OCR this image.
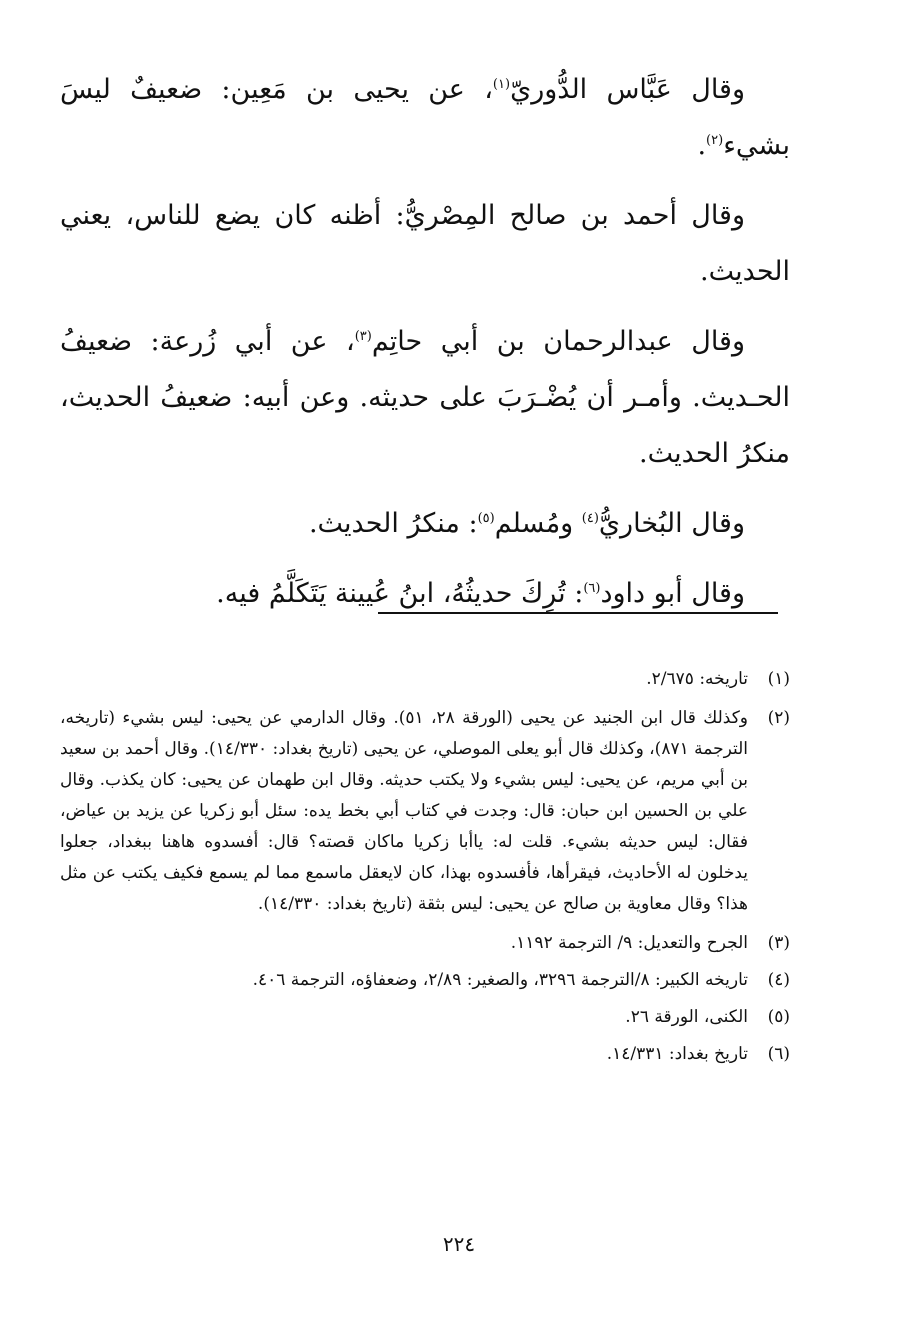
وقال عَبَّاس الدُّوريّ$^{(١)}$، عن يحيى بن مَعِين: ضعيفٌ ليسَ بشيء$^{(٢)}$.

وقال أحمد بن صالح المِصْريُّ: أظنه كان يضع للناس، يعني الحديث.

وقال عبدالرحمان بن أبي حاتِم$^{(٣)}$، عن أبي زُرعة: ضعيفُ الحـديث. وأمـر أن يُضْـرَبَ على حديثه. وعن أبيه: ضعيفُ الحديث، منكرُ الحديث.

وقال البُخاريُّ$^{(٤)}$ ومُسلم$^{(٥)}$: منكرُ الحديث.

وقال أبو داود$^{(٦)}$: تُرِكَ حديثُهُ، ابنُ عُيينة يَتَكَلَّمُ فيه.

(١)
تاريخه: ٢/٦٧٥.
(٢)
وكذلك قال ابن الجنيد عن يحيى (الورقة ٢٨، ٥١). وقال الدارمي عن يحيى: ليس بشيء (تاريخه، الترجمة ٨٧١)، وكذلك قال أبو يعلى الموصلي، عن يحيى (تاريخ بغداد: ١٤/٣٣٠). وقال أحمد بن سعيد بن أبي مريم، عن يحيى: ليس بشيء ولا يكتب حديثه. وقال ابن طهمان عن يحيى: كان يكذب. وقال علي بن الحسين ابن حبان: قال: وجدت في كتاب أبي بخط يده: سئل أبو زكريا عن يزيد بن عياض، فقال: ليس حديثه بشيء. قلت له: ياأبا زكريا ماكان قصته؟ قال: أفسدوه هاهنا ببغداد، جعلوا يدخلون له الأحاديث، فيقرأها، فأفسدوه بهذا، كان لايعقل ماسمع مما لم يسمع فكيف يكتب عن مثل هذا؟ وقال معاوية بن صالح عن يحيى: ليس بثقة (تاريخ بغداد: ١٤/٣٣٠).
(٣)
الجرح والتعديل: ٩/ الترجمة ١١٩٢.
(٤)
تاريخه الكبير: ٨/الترجمة ٣٢٩٦، والصغير: ٢/٨٩، وضعفاؤه، الترجمة ٤٠٦.
(٥)
الكنى، الورقة ٢٦.
(٦)
تاريخ بغداد: ١٤/٣٣١.
٢٢٤
